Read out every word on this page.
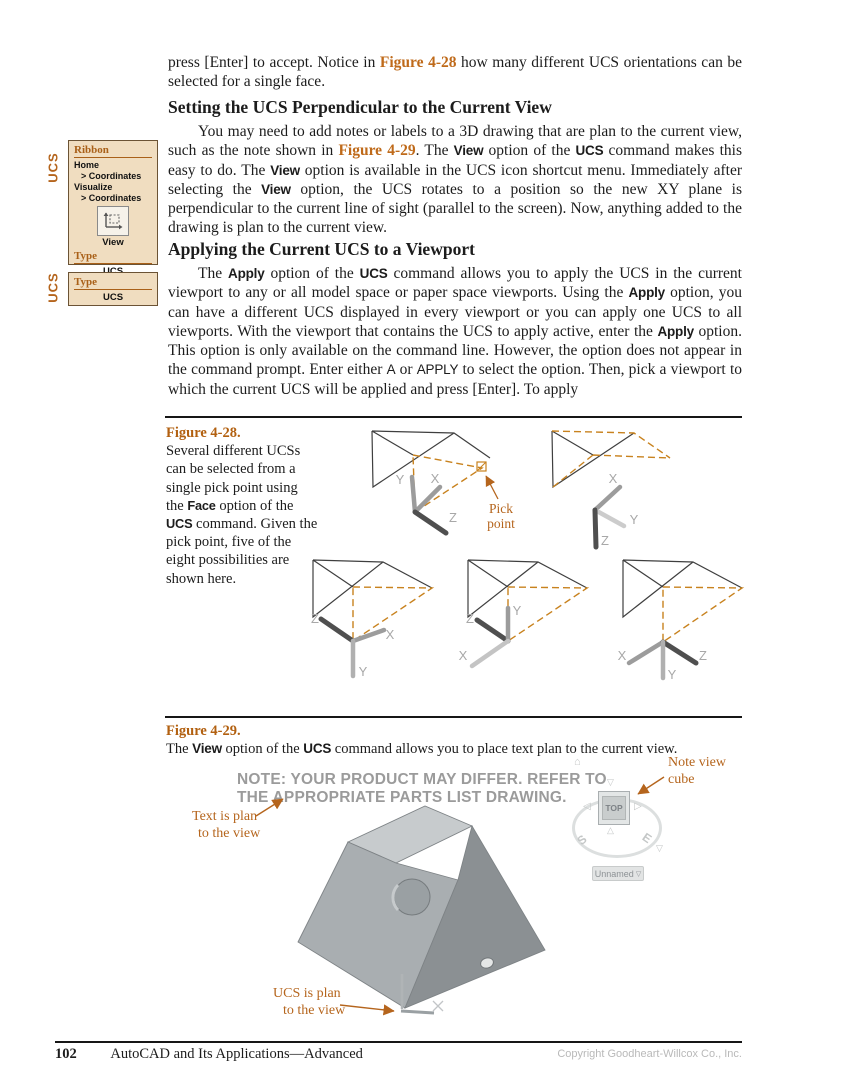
press [Enter] to accept. Notice in Figure 4-28 how many different UCS orientations can be selected for a single face.

Setting the UCS Perpendicular to the Current View

You may need to add notes or labels to a 3D drawing that are plan to the current view, such as the note shown in Figure 4-29. The View option of the UCS command makes this easy to do. The View option is available in the UCS icon shortcut menu. Immediately after selecting the View option, the UCS rotates to a position so the new XY plane is perpendicular to the current line of sight (parallel to the screen). Now, anything added to the drawing is plan to the current view.

Applying the Current UCS to a Viewport

The Apply option of the UCS command allows you to apply the UCS in the current viewport to any or all model space or paper space viewports. Using the Apply option, you can have a different UCS displayed in every viewport or you can apply one UCS to all viewports. With the viewport that contains the UCS to apply active, enter the Apply option. This option is only available on the command line. However, the option does not appear in the command prompt. Enter either A or APPLY to select the option. Then, pick a viewport to which the current UCS will be applied and press [Enter]. To apply

UCS
Ribbon
Home
> Coordinates
Visualize
> Coordinates
View
Type
UCS Type
UCS
Figure 4-28.
Several different UCSs can be selected from a single pick point using the Face option of the UCS command. Given the pick point, five of the eight possibilities are shown here.
Pick
point
Y X
Z
X
Y
Z
Z
X
Y
Z
Y
X	X	Z
Y
Figure 4-29.
The View option of the UCS command allows you to place text plan to the current view.
NOTE: YOUR PRODUCT MAY DIFFER. REFER TO
THE APPROPRIATE PARTS LIST DRAWING.
⌂
▽
TOP
◁	▷
△
S	E
▽
Unnamed ▽
Text is plan
to the view
Note view
cube
UCS is plan
to the view
102 AutoCAD and Its Applications—Advanced	Copyright Goodheart-Willcox Co., Inc.
